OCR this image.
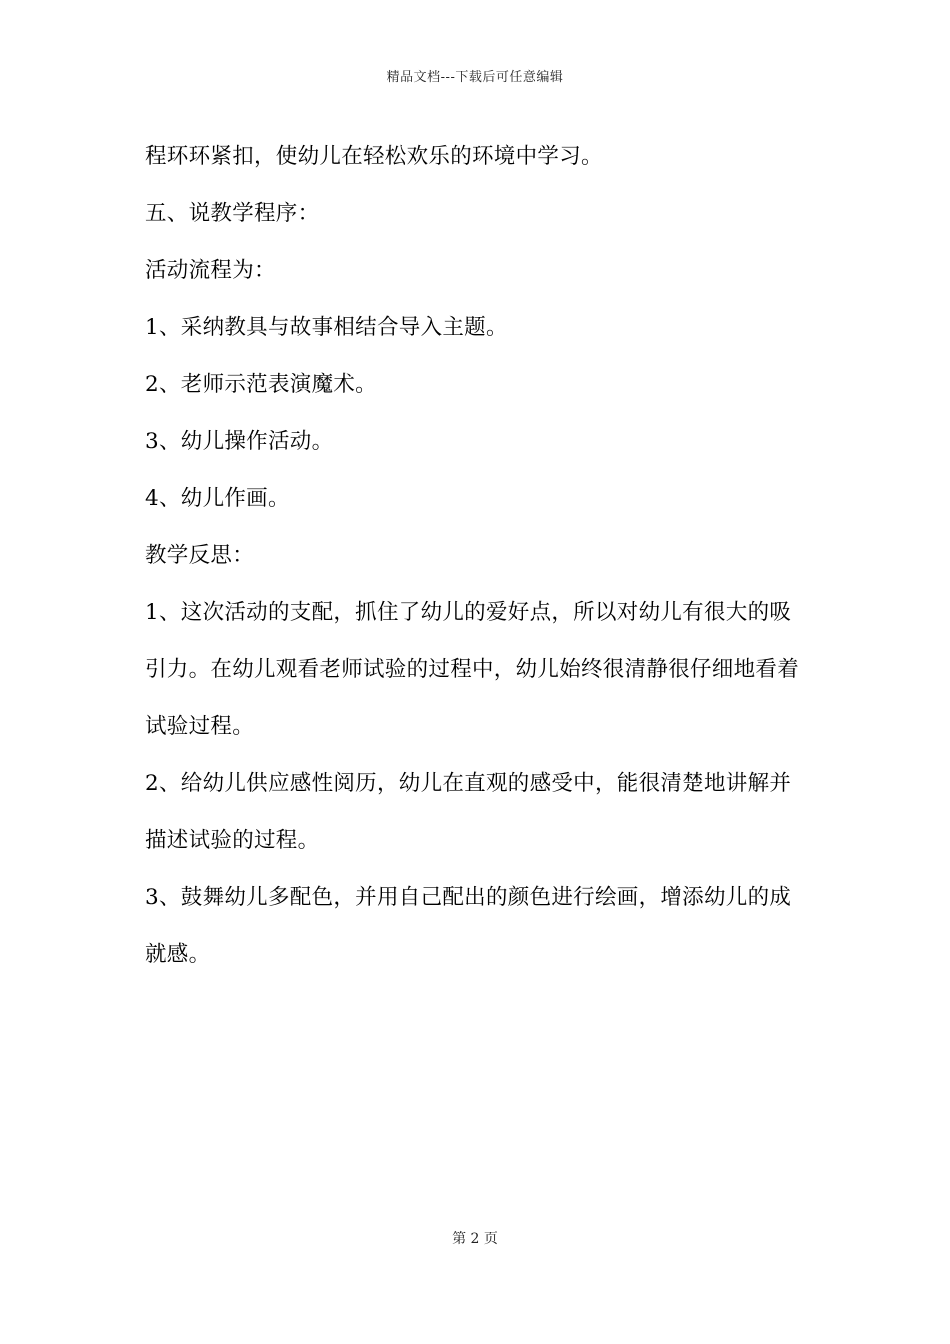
精品文档---下载后可任意编辑

程环环紧扣，使幼儿在轻松欢乐的环境中学习。

五、说教学程序：

活动流程为：

1、采纳教具与故事相结合导入主题。

2、老师示范表演魔术。

3、幼儿操作活动。

4、幼儿作画。

教学反思：

1、这次活动的支配，抓住了幼儿的爱好点，所以对幼儿有很大的吸引力。在幼儿观看老师试验的过程中，幼儿始终很清静很仔细地看着试验过程。

2、给幼儿供应感性阅历，幼儿在直观的感受中，能很清楚地讲解并描述试验的过程。

3、鼓舞幼儿多配色，并用自己配出的颜色进行绘画，增添幼儿的成就感。

第 2 页
